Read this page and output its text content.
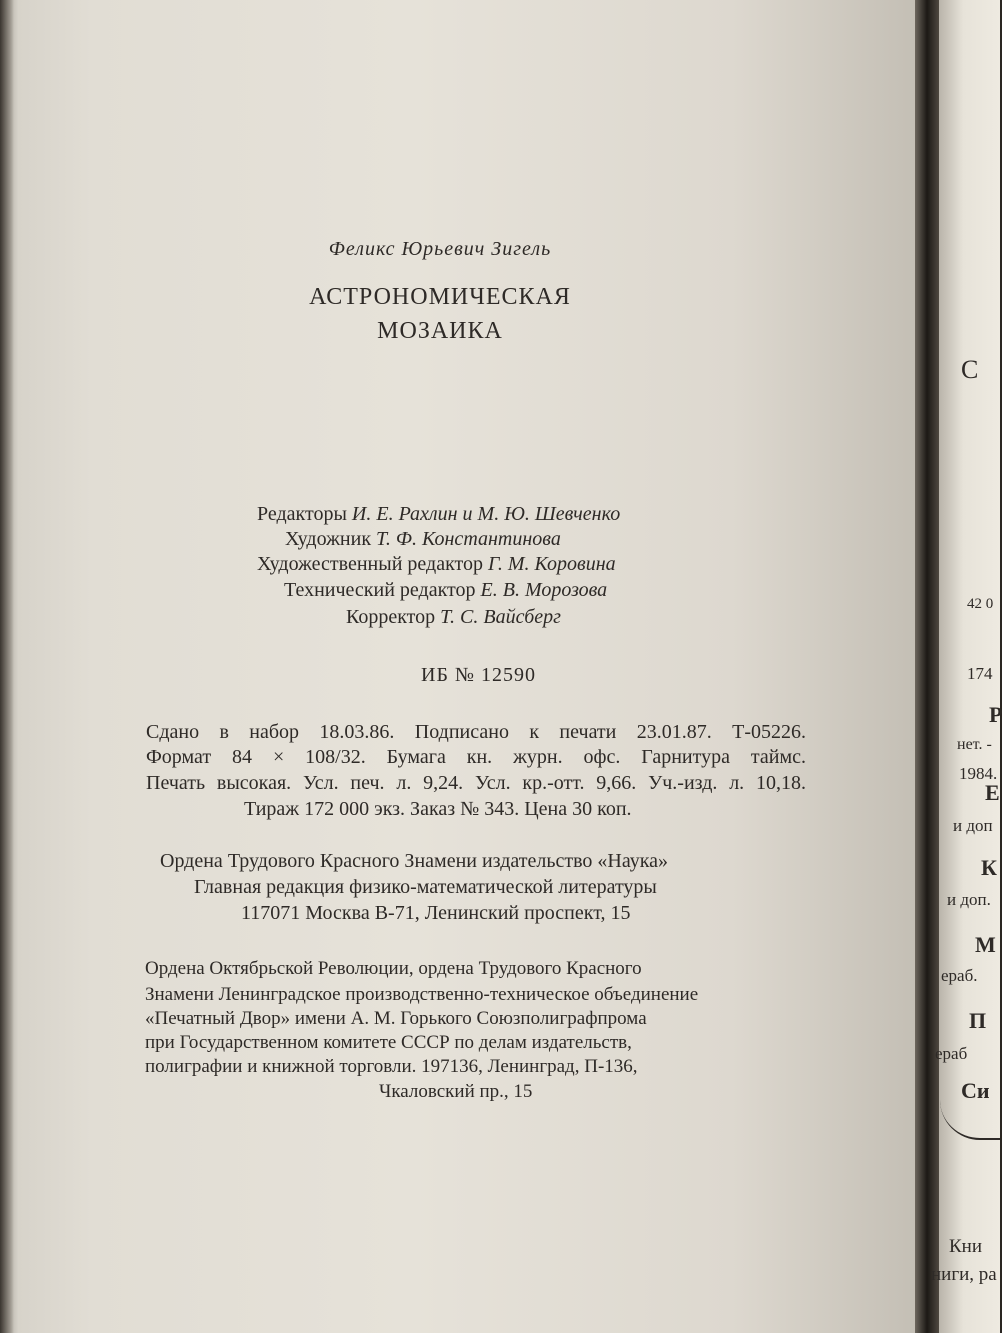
С
42 0
174
Р
нет. -
1984.
Е
и доп
К
и доп.
М
ераб.
П
ераб
Си
Кни
ниги, ра

Феликс Юрьевич Зигель

АСТРОНОМИЧЕСКАЯ

МОЗАИКА

Редакторы И. Е. Рахлин и М. Ю. Шевченко

Художник Т. Ф. Константинова

Художественный редактор Г. М. Коровина

Технический редактор Е. В. Морозова

Корректор Т. С. Вайсберг

ИБ № 12590

Сдано в набор 18.03.86. Подписано к печати 23.01.87. Т-05226.

Формат 84 × 108/32. Бумага кн. журн. офс. Гарнитура таймс.

Печать высокая. Усл. печ. л. 9,24. Усл. кр.-отт. 9,66. Уч.-изд. л. 10,18.

Тираж 172 000 экз. Заказ № 343. Цена 30 коп.

Ордена Трудового Красного Знамени издательство «Наука»

Главная редакция физико-математической литературы

117071 Москва В-71, Ленинский проспект, 15

Ордена Октябрьской Революции, ордена Трудового Красного

Знамени Ленинградское производственно-техническое объединение

«Печатный Двор» имени А. М. Горького Союзполиграфпрома

при Государственном комитете СССР по делам издательств,

полиграфии и книжной торговли. 197136, Ленинград, П-136,

Чкаловский пр., 15
